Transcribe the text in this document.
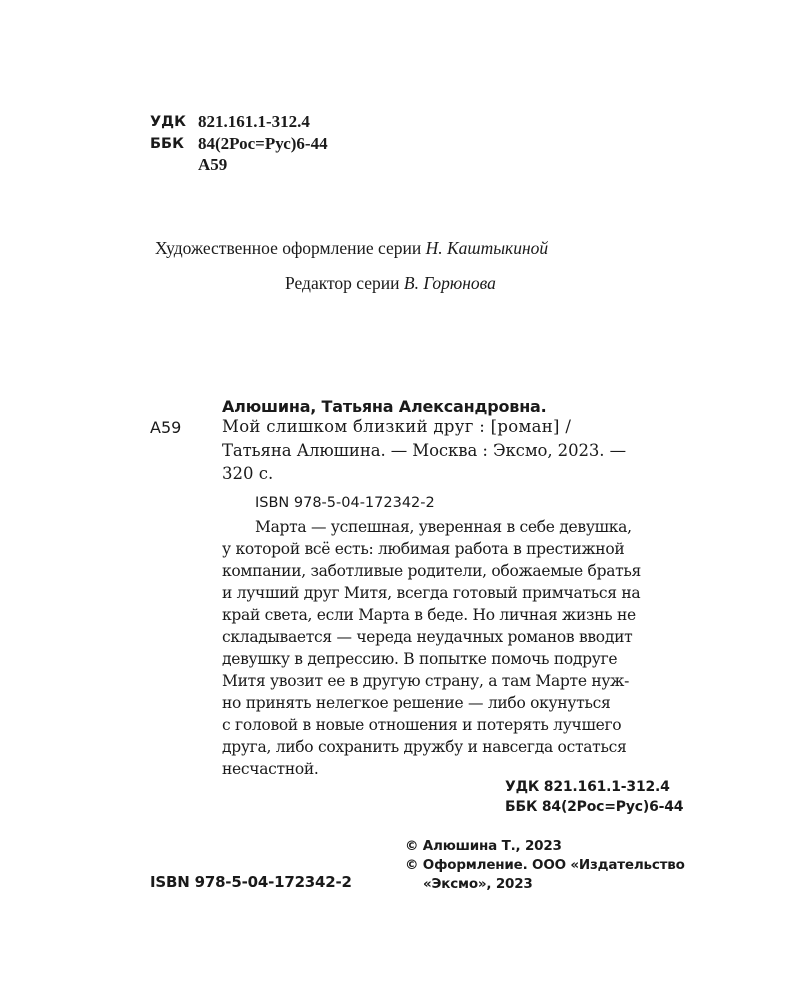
УДК 821.161.1-312.4
ББК 84(2Рос=Рус)6-44
А59
Художественное оформление серии Н. Каштыкиной
Редактор серии В. Горюнова
Алюшина, Татьяна Александровна.
А59 Мой слишком близкий друг : [роман] /
Татьяна Алюшина. — Москва : Эксмо, 2023. —
320 с.
ISBN 978-5-04-172342-2
Марта — успешная, уверенная в себе девушка,
у которой всё есть: любимая работа в престижной
компании, заботливые родители, обожаемые братья
и лучший друг Митя, всегда готовый примчаться на
край света, если Марта в беде. Но личная жизнь не
складывается — череда неудачных романов вводит
девушку в депрессию. В попытке помочь подруге
Митя увозит ее в другую страну, а там Марте нуж-
но принять нелегкое решение — либо окунуться
с головой в новые отношения и потерять лучшего
друга, либо сохранить дружбу и навсегда остаться
несчастной.
УДК 821.161.1-312.4
ББК 84(2Рос=Рус)6-44
© Алюшина Т., 2023
© Оформление. ООО «Издательство
«Эксмо», 2023
ISBN 978-5-04-172342-2
